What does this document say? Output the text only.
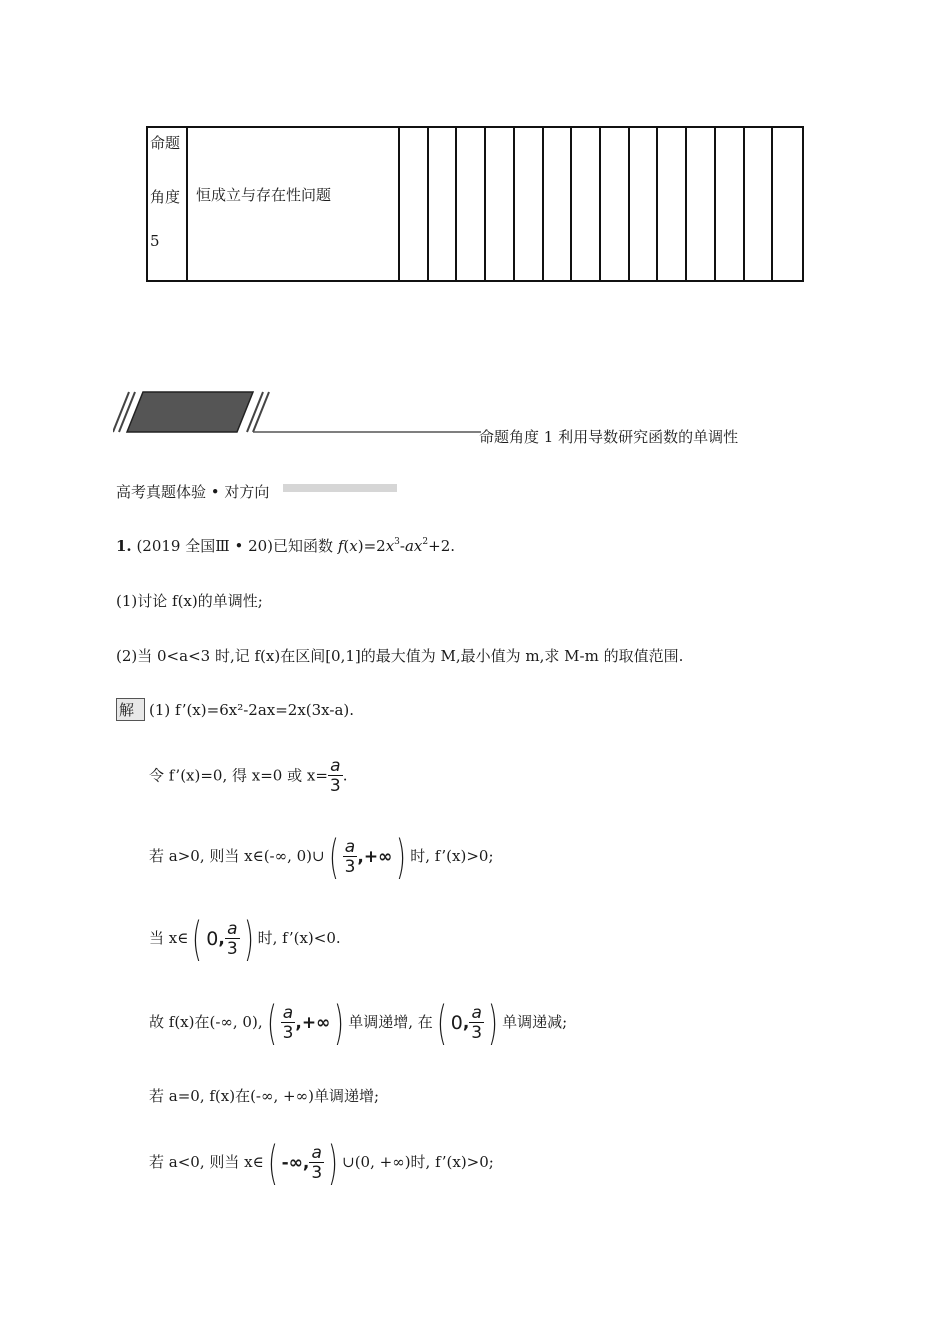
命题
角度
5
恒成立与存在性问题
命题角度 1 利用导数研究函数的单调性
高考真题体验 • 对方向
1. (2019 全国Ⅲ • 20)已知函数 $f(x)=2x^3-ax^2+2$.
(1)讨论 f(x)的单调性;
(2)当 0<a<3 时,记 f(x)在区间[0,1]的最大值为 M,最小值为 m,求 M-m 的取值范围.
解 (1) f’(x)=6x²-2ax=2x(3x-a).
令 f’(x)=0, 得 x=0 或 $x= \frac{a}{3}$ .
若 a>0, 则当 x∈(-∞, 0)∪( $\frac{a}{3}$ ,+∞) 时, f’(x)>0;
当 x∈( 0, $\frac{a}{3}$ ) 时, f’(x)<0.
故 f(x)在(-∞, $0),( \frac{a}{3}$ ,+∞) 单调递增, 在( 0, $\frac{a}{3}$ ) 单调递减;
若 a=0, f(x)在(-∞, +∞)单调递增;
若 a<0, 则当 x∈( -∞, $\frac{a}{3}$ ) ∪(0, +∞)时, f’(x)>0;
